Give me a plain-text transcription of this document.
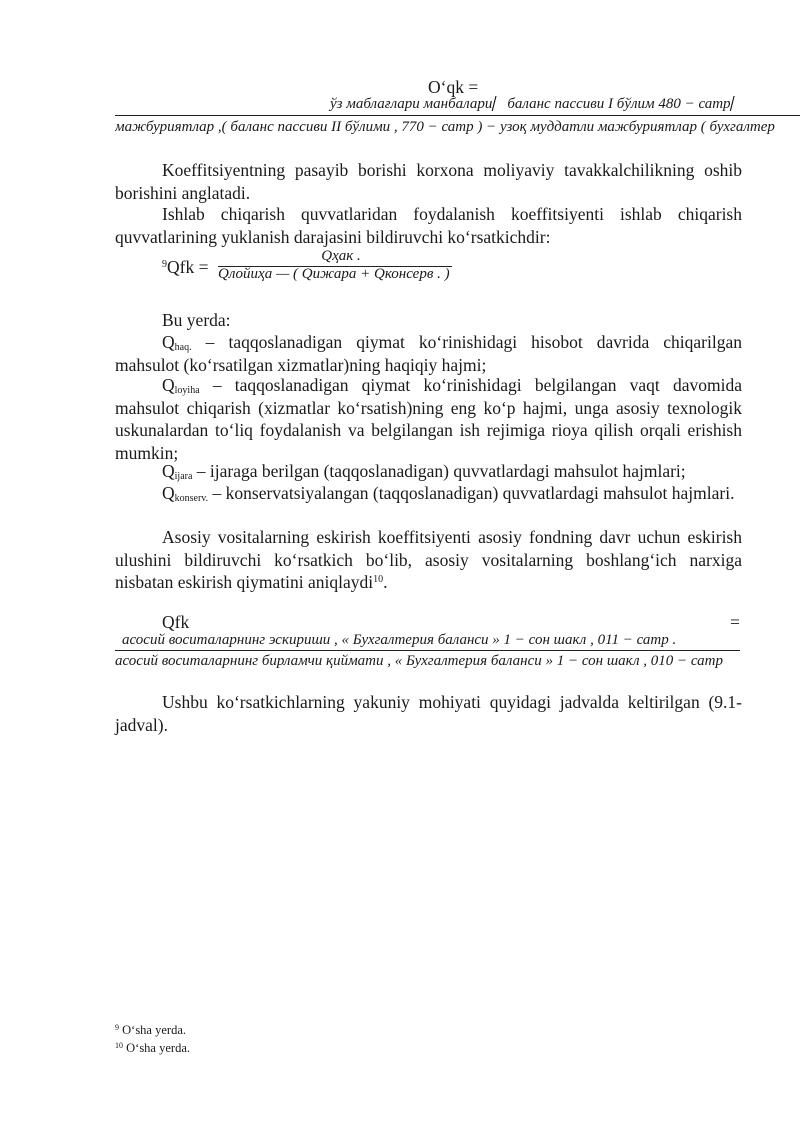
O‘qk =
ўз маблағлари манбалари⎸баланс пассиви I бўлим 480 − сатр⎸
мажбуриятлар ,( баланс пассиви II бўлими , 770 − сатр ) − узоқ муддатли мажбуриятлар ( бухгалтер
Koeffitsiyentning pasayib borishi korxona moliyaviy tavakkalchilikning oshib borishini anglatadi.
Ishlab chiqarish quvvatlaridan foydalanish koeffitsiyenti ishlab chiqarish quvvatlarining yuklanish darajasini bildiruvchi ko‘rsatkichdir:
$^9$Qfk =
Qҳак .
Qлойиҳа — ( Qижара + Qконсерв . )
Bu yerda:
$Q_{haq.}$ – taqqoslanadigan qiymat ko‘rinishidagi hisobot davrida chiqarilgan mahsulot (ko‘rsatilgan xizmatlar)ning haqiqiy hajmi;
$Q_{loyiha}$ – taqqoslanadigan qiymat ko‘rinishidagi belgilangan vaqt davomida mahsulot chiqarish (xizmatlar ko‘rsatish)ning eng ko‘p hajmi, unga asosiy texnologik uskunalardan to‘liq foydalanish va belgilangan ish rejimiga rioya qilish orqali erishish mumkin;
$Q_{ijara}$ – ijaraga berilgan (taqqoslanadigan) quvvatlardagi mahsulot hajmlari;
$Q_{konserv.}$ – konservatsiyalangan (taqqoslanadigan) quvvatlardagi mahsulot hajmlari.
Asosiy vositalarning eskirish koeffitsiyenti asosiy fondning davr uchun eskirish ulushini bildiruvchi ko‘rsatkich bo‘lib, asosiy vositalarning boshlang‘ich narxiga nisbatan eskirish qiymatini aniqlaydi$^{10}$.
Qfk	=
асосий воситаларнинг эскириши , « Бухгалтерия баланси » 1 − сон шакл , 011 − сатр .
асосий воситаларнинг бирламчи қиймати , « Бухгалтерия баланси » 1 − сон шакл , 010 − сатр
Ushbu ko‘rsatkichlarning yakuniy mohiyati quyidagi jadvalda keltirilgan (9.1-jadval).
$^9$ O‘sha yerda.
$^{10}$ O‘sha yerda.
